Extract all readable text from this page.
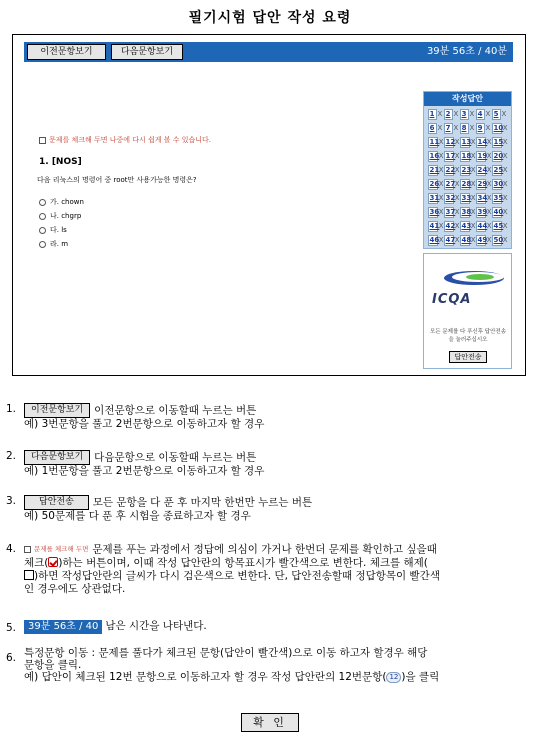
필기시험 답안 작성 요령
이전문항보기	다음문항보기	39분 56초 / 40분
문제를 체크해 두면 나중에 다시 쉽게 볼 수 있습니다.
1. [NOS]
다음 리눅스의 명령어 중 root만 사용가능한 명령은?
가. chown
나. chgrp
다. ls
라. m
작성답안
1 X 2 X 3 X 4 X 5 X
6 X 7 X 8 X 9 X 10 X
11 X 12 X 13 X 14 X 15 X
16 X 17 X 18 X 19 X 20 X
21 X 22 X 23 X 24 X 25 X
26 X 27 X 28 X 29 X 30 X
31 X 32 X 33 X 34 X 35 X
36 X 37 X 38 X 39 X 40 X
41 X 42 X 43 X 44 X 45 X
46 X 47 X 48 X 49 X 50 X
ICQA
모든 문제를 다 푸신후 답안전송을 눌러주십시오
답안전송
1.	이전문항보기 이전문항으로 이동할때 누르는 버튼
예) 3번문항을 풀고 2번문항으로 이동하고자 할 경우
2.	다음문항보기 다음문항으로 이동할때 누르는 버튼
예) 1번문항을 풀고 2번문항으로 이동하고자 할 경우
3.	답안전송 모든 문항을 다 푼 후 마지막 한번만 누르는 버튼
예) 50문제를 다 푼 후 시험을 종료하고자 할 경우
4.	문제를 체크해 두면 문제를 푸는 과정에서 정답에 의심이 가거나 한번더 문제를 확인하고 싶을때
체크( )하는 버튼이며, 이때 작성 답안란의 항목표시가 빨간색으로 변한다. 체크를 해제(
)하면 작성답안란의 글씨가 다시 검은색으로 변한다. 단, 답안전송할때 정답항목이 빨간색
인 경우에도 상관없다.
5.	39분 56초 / 40 남은 시간을 나타낸다.
6. 특정문항 이동 : 문제를 풀다가 체크된 문항(답안이 빨간색)으로 이동 하고자 할경우 해당
문항을 클릭.
예) 답안이 체크된 12번 문항으로 이동하고자 할 경우 작성 답안란의 12번문항( 12 )을 클릭
확 인
